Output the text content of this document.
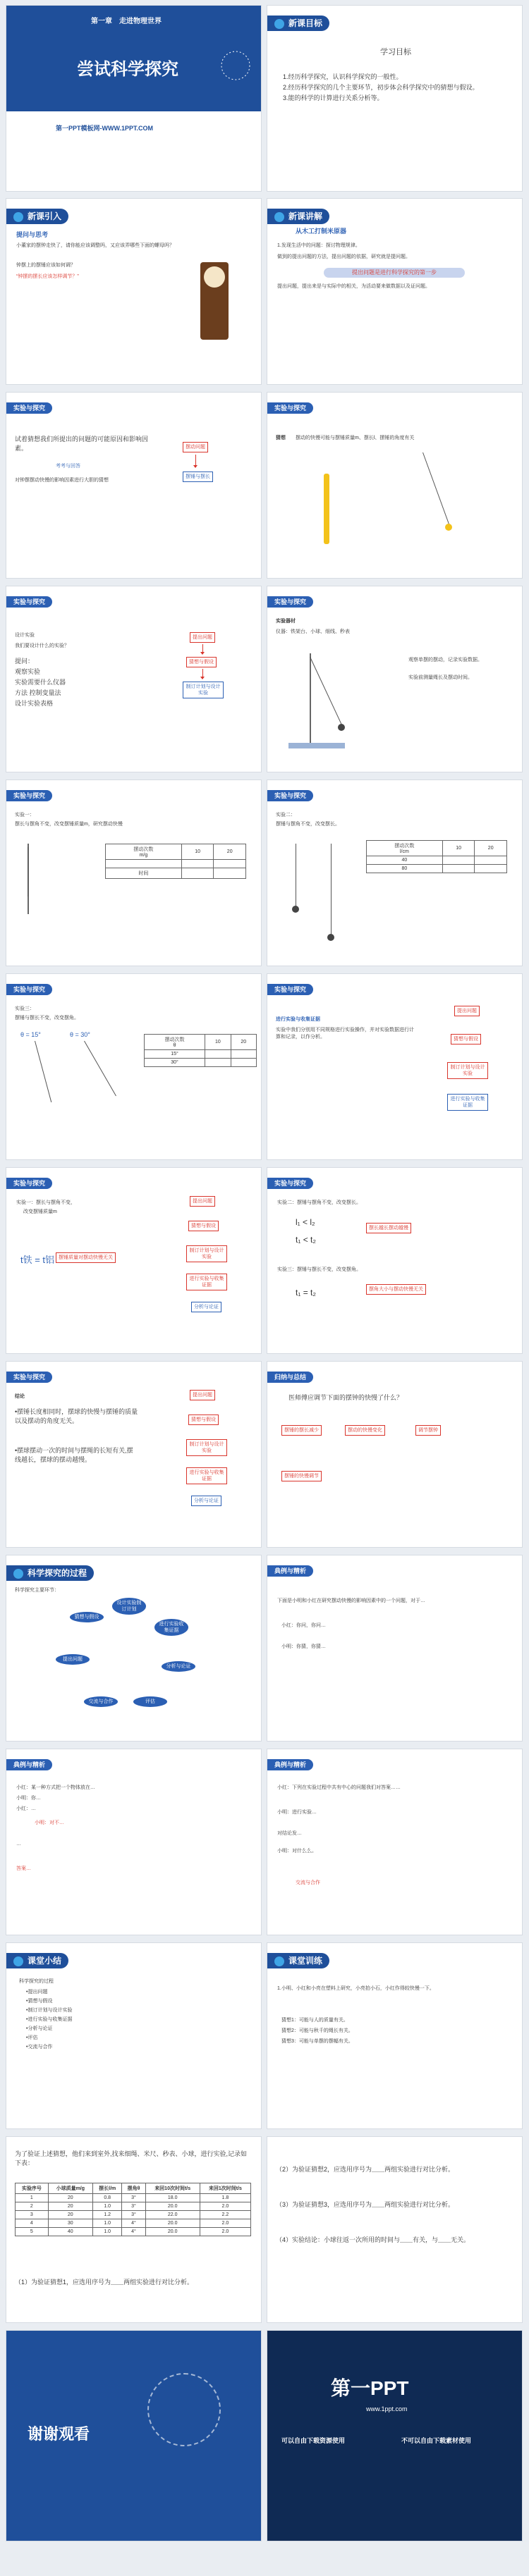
第一章　走进物理世界
尝试科学探究
第一PPT模板网-WWW.1PPT.COM
新课目标
学习目标
1.经历科学探究，认识科学探究的一般性。
2.经历科学探究的几个主要环节，初步体会科学探究中的猜想与假设。
3.能的科学的计算进行关系分析等。
新课引入
提问与思考
小董家的摆钟走快了，请你能应该调整吗，又应该弄哪些下面的螺母吗？
钟摆上的摆锤应该如何调？
“钟摆的摆长应该怎样调节？”
新课讲解
从木工打制米原器
1.发现生活中的问题：探讨物理规律。
做到的提出问题的方法，提出问题的依据，研究就是提问题。
提出问题是进行科学探究的第一步
提出问题，提出来是与实际中的相关，为活动要来做数据以及证问题。
实验与探究
试着猜想我们所提出的问题的可能原因和影响因素。
考考与回答
对钟摆摆动快慢的影响因素进行大胆的猜想
摆动问题
摆锤与摆长
实验与探究
猜想 摆动的快慢可能与摆锤质量m、摆长l、摆锤的角度有关
实验与探究
设计实验
我们要设计什么的实验？
提问：
观察实验
实验需要什么仪器
方法 控制变量法
设计实验表格
提出问题
猜想与假设
制订计划与设计实验
实验与探究
实验器材
仪器：铁架台、小球、细线、秒表
观察单摆的摆动，记录实验数据。
实验前测量绳长及摆动时间。
实验与探究
实验一：
摆长与摆角不变，改变摆锤质量m，研究摆动快慢
摆动次数
m/g	10	20

时间		
实验与探究
实验二：
摆锤与摆角不变，改变摆长。
摆动次数
l/cm	10	20
40		
80		
实验与探究
实验三：
摆锤与摆长不变，改变摆角。
θ = 15°	θ = 30°
摆动次数
θ	10	20
15°		
30°		
实验与探究
进行实验与收集证据
实验中我们分别用不同规格进行实验操作，并对实验数据进行计算和记录，以作分析。
提出问题
猜想与假设
制订计划与设计实验
进行实验与收集证据
实验与探究
实验一：摆长与摆角不变，
改变摆锤质量m
t铁 = t铝 摆锤质量对摆动快慢无关
提出问题
猜想与假设
制订计划与设计实验
进行实验与收集证据
分析与论证
实验与探究
实验二：摆锤与摆角不变，改变摆长。
l₁ < l₂
t₁ < t₂
摆长越长摆动越慢
实验三：摆锤与摆长不变，改变摆角。
t₁ = t₂	摆角大小与摆动快慢无关
实验与探究
结论
•摆锤长度相同时，摆球的快慢与摆锤的质量以及摆动的角度无关。
•摆球摆动一次的时间与摆绳的长短有关,摆线越长，摆球的摆动越慢。
提出问题
猜想与假设
制订计划与设计实验
进行实验与收集证据
分析与论证
归纳与总结
医师傅应调节下面的摆钟的快慢了什么？
摆锤的摆长减少	摆动的快慢变化	调节摆钟
摆锤的快慢调节
科学探究的过程
科学探究主要环节：
设计实验制订计划
进行实验收集证据
分析与论证
评估
交流与合作
提出问题
猜想与假设
典例与精析
下面是小明和小红在研究摆动快慢的影响因素中的一个问题，对于…
小红：你问，你问…
小明：你猜，你猜…
典例与精析
小红：某一种方式把一个物体放在…
小明：你…
小红：…
小明：对不…
…
答案…
典例与精析
小红：下列在实验过程中共有中心的问题我们对答案……
小明：进行实验…
对结论发…
小明：对什么么。
交流与合作
课堂小结
科学探究的过程
•提出问题
•猜想与假设
•制订计划与设计实验
•进行实验与收集证据
•分析与论证
•评估
•交流与合作
课堂训练
1.小明、小红和小亮在塑料上研究，小亮拍小石，小红作得较快慢一下。
猜想1：可能与人的质量有关。
猜想2：可能与秋千的绳长有关。
猜想3：可能与单摆的摆幅有关。
为了验证上述猜想，他们来到室外,找来细绳、米尺、秒表、小球，进行实验,记录如下表：
实验序号	小球质量m/g	摆长l/m	摆角θ	来回10次时间t/s	来回1次时间t/s
1	20	0.8	3°	18.0	1.8
2	20	1.0	3°	20.0	2.0
3	20	1.2	3°	22.0	2.2
4	30	1.0	4°	20.0	2.0
5	40	1.0	4°	20.0	2.0
（1）为验证猜想1，应选用序号为＿＿两组实验进行对比分析。
（2）为验证猜想2，应选用序号为＿＿两组实验进行对比分析。
（3）为验证猜想3，应选用序号为＿＿两组实验进行对比分析。
（4）实验结论：小球往返一次所用的时间与＿＿有关，与＿＿无关。
谢谢观看
第一PPT
www.1ppt.com
可以自由下载资源使用	不可以自由下载素材使用
